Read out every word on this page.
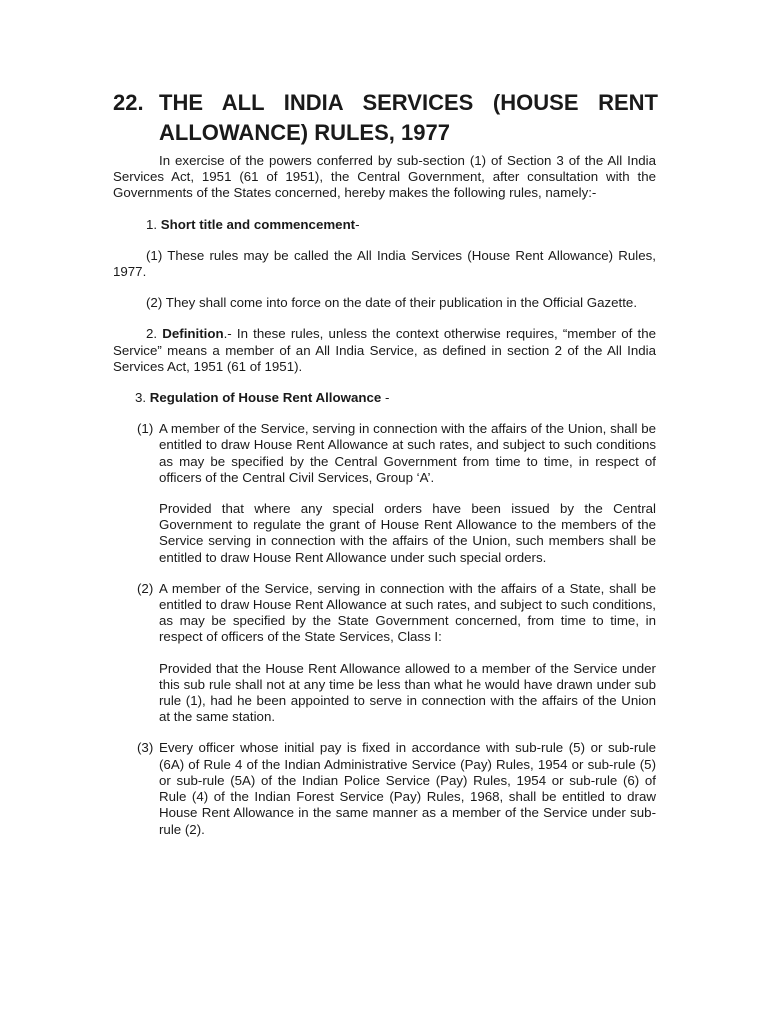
22. THE ALL INDIA SERVICES (HOUSE RENT
ALLOWANCE) RULES, 1977

In exercise of the powers conferred by sub-section (1) of Section 3 of the All India Services Act, 1951 (61 of 1951), the Central Government, after consultation with the Governments of the States concerned, hereby makes the following rules, namely:-

1. Short title and commencement-

(1) These rules may be called the All India Services (House Rent Allowance) Rules, 1977.

(2) They shall come into force on the date of their publication in the Official Gazette.

2. Definition.- In these rules, unless the context otherwise requires, “member of the Service” means a member of an All India Service, as defined in section 2 of the All India Services Act, 1951 (61 of 1951).

3. Regulation of House Rent Allowance -

(1) A member of the Service, serving in connection with the affairs of the Union, shall be entitled to draw House Rent Allowance at such rates, and subject to such conditions as may be specified by the Central Government from time to time, in respect of officers of the Central Civil Services, Group ‘A’.

Provided that where any special orders have been issued by the Central Government to regulate the grant of House Rent Allowance to the members of the Service serving in connection with the affairs of the Union, such members shall be entitled to draw House Rent Allowance under such special orders.

(2) A member of the Service, serving in connection with the affairs of a State, shall be entitled to draw House Rent Allowance at such rates, and subject to such conditions, as may be specified by the State Government concerned, from time to time, in respect of officers of the State Services, Class I:

Provided that the House Rent Allowance allowed to a member of the Service under this sub rule shall not at any time be less than what he would have drawn under sub rule (1), had he been appointed to serve in connection with the affairs of the Union at the same station.

(3) Every officer whose initial pay is fixed in accordance with sub-rule (5) or sub-rule (6A) of Rule 4 of the Indian Administrative Service (Pay) Rules, 1954 or sub-rule (5) or sub-rule (5A) of the Indian Police Service (Pay) Rules, 1954 or sub-rule (6) of Rule (4) of the Indian Forest Service (Pay) Rules, 1968, shall be entitled to draw House Rent Allowance in the same manner as a member of the Service under sub-rule (2).
